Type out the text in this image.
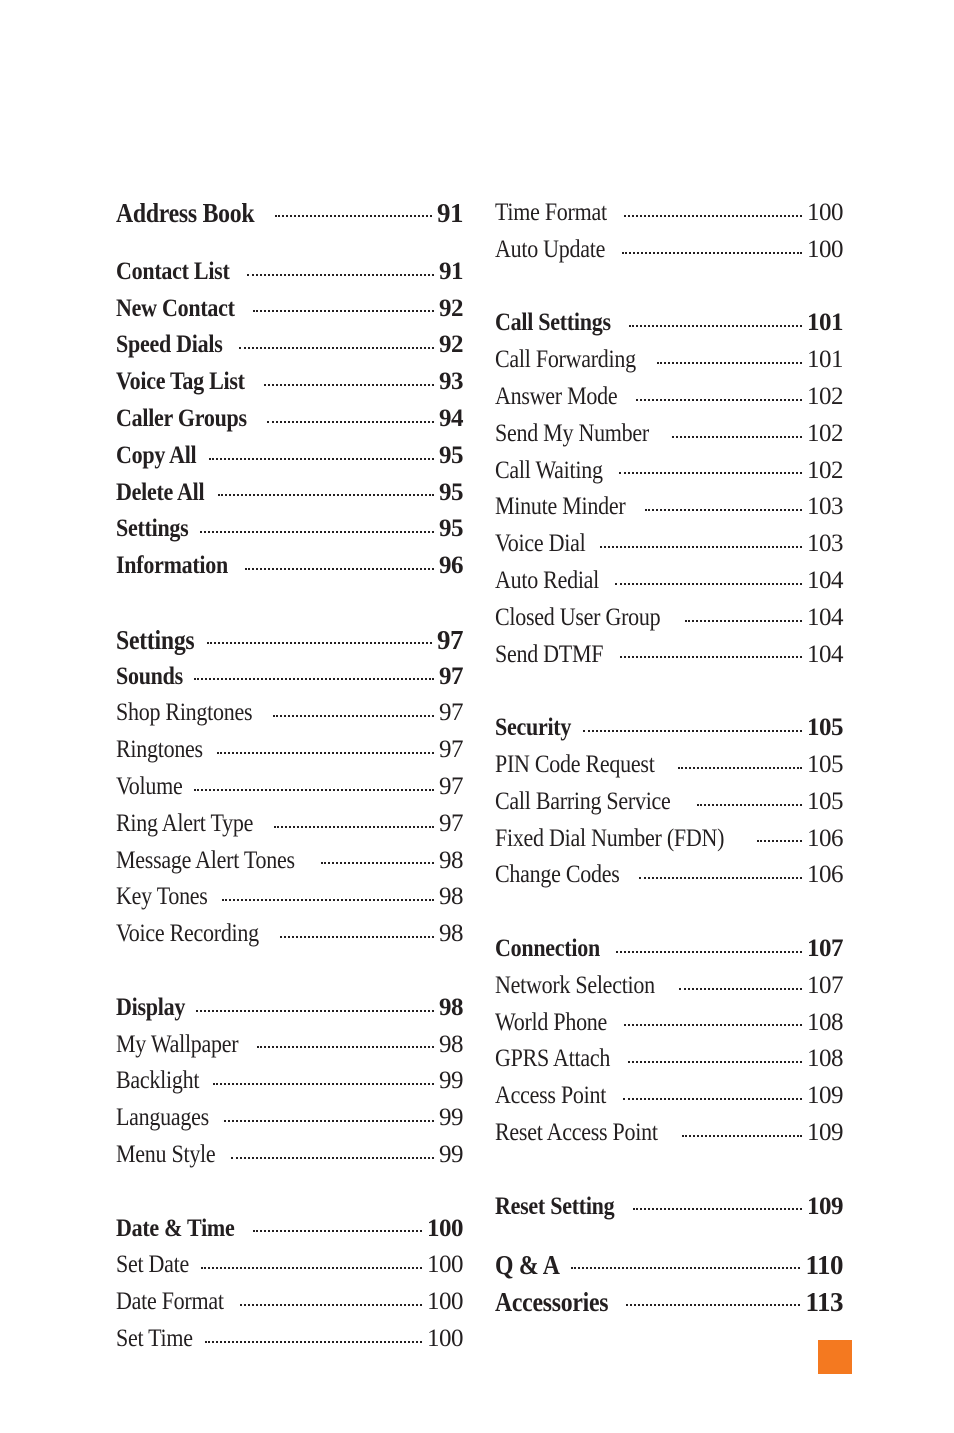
Address Book	91
Contact List	91
New Contact	92
Speed Dials	92
Voice Tag List	93
Caller Groups	94
Copy All	95
Delete All	95
Settings	95
Information	96
Settings	97
Sounds	97
Shop Ringtones	97
Ringtones	97
Volume	97
Ring Alert Type	97
Message Alert Tones	98
Key Tones	98
Voice Recording	98
Display	98
My Wallpaper	98
Backlight	99
Languages	99
Menu Style	99
Date & Time	100
Set Date	100
Date Format	100
Set Time	100
Time Format	100
Auto Update	100
Call Settings	101
Call Forwarding	101
Answer Mode	102
Send My Number	102
Call Waiting	102
Minute Minder	103
Voice Dial	103
Auto Redial	104
Closed User Group	104
Send DTMF	104
Security	105
PIN Code Request	105
Call Barring Service	105
Fixed Dial Number (FDN)	106
Change Codes	106
Connection	107
Network Selection	107
World Phone	108
GPRS Attach	108
Access Point	109
Reset Access Point	109
Reset Setting	109
Q & A	110
Accessories	113
